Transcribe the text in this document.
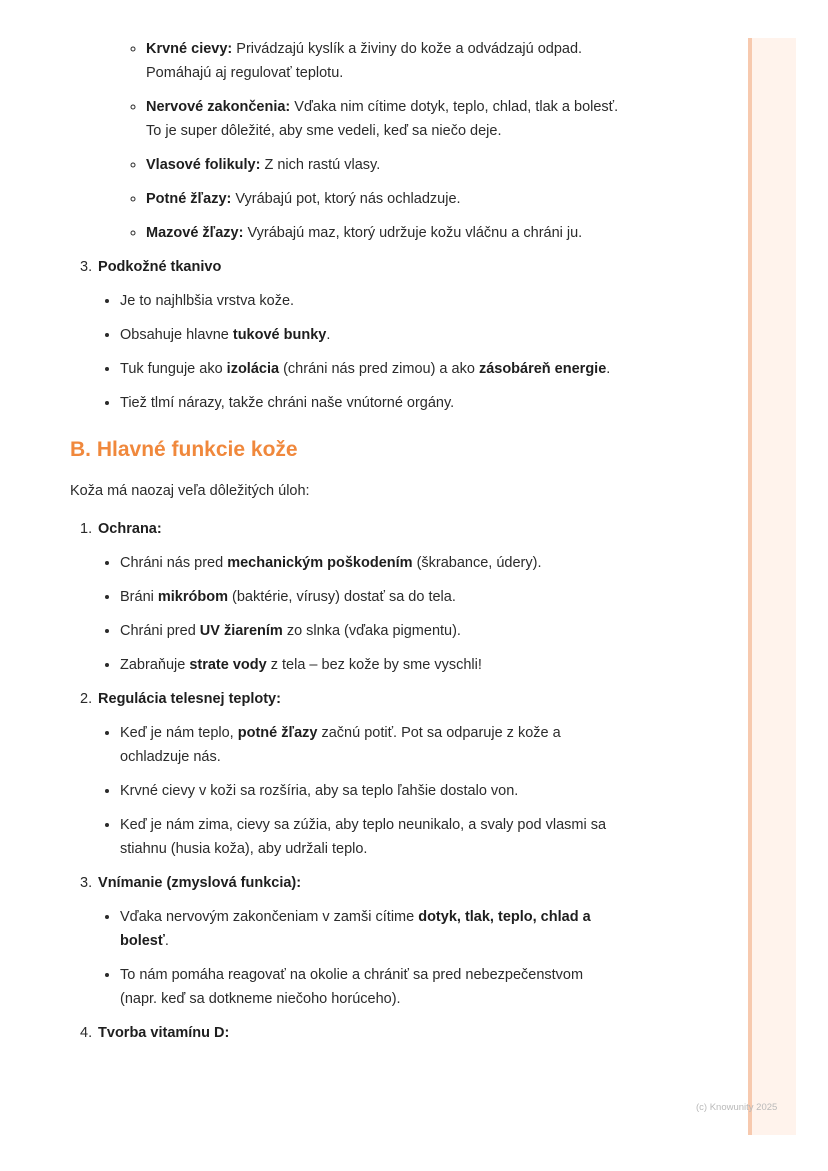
(c) Knowunity 2025
◦ Krvné cievy: Privádzajú kyslík a živiny do kože a odvádzajú odpad.
Pomáhajú aj regulovať teplotu.
◦ Nervové zakončenia: Vďaka nim cítime dotyk, teplo, chlad, tlak a bolesť.
To je super dôležité, aby sme vedeli, keď sa niečo deje.
◦ Vlasové folikuly: Z nich rastú vlasy.
◦ Potné žľazy: Vyrábajú pot, ktorý nás ochladzuje.
◦ Mazové žľazy: Vyrábajú maz, ktorý udržuje kožu vláčnu a chráni ju.
3. Podkožné tkanivo
• Je to najhlbšia vrstva kože.
• Obsahuje hlavne tukové bunky.
• Tuk funguje ako izolácia (chráni nás pred zimou) a ako zásobáreň energie.
• Tiež tlmí nárazy, takže chráni naše vnútorné orgány.
B. Hlavné funkcie kože
Koža má naozaj veľa dôležitých úloh:
1. Ochrana:
• Chráni nás pred mechanickým poškodením (škrabance, údery).
• Bráni mikróbom (baktérie, vírusy) dostať sa do tela.
• Chráni pred UV žiarením zo slnka (vďaka pigmentu).
• Zabraňuje strate vody z tela – bez kože by sme vyschli!
2. Regulácia telesnej teploty:
• Keď je nám teplo, potné žľazy začnú potiť. Pot sa odparuje z kože a
ochladzuje nás.
• Krvné cievy v koži sa rozšíria, aby sa teplo ľahšie dostalo von.
• Keď je nám zima, cievy sa zúžia, aby teplo neunikalo, a svaly pod vlasmi sa
stiahnu (husia koža), aby udržali teplo.
3. Vnímanie (zmyslová funkcia):
• Vďaka nervovým zakončeniam v zamši cítime dotyk, tlak, teplo, chlad a
bolesť.
• To nám pomáha reagovať na okolie a chrániť sa pred nebezpečenstvom
(napr. keď sa dotkneme niečoho horúceho).
4. Tvorba vitamínu D:
